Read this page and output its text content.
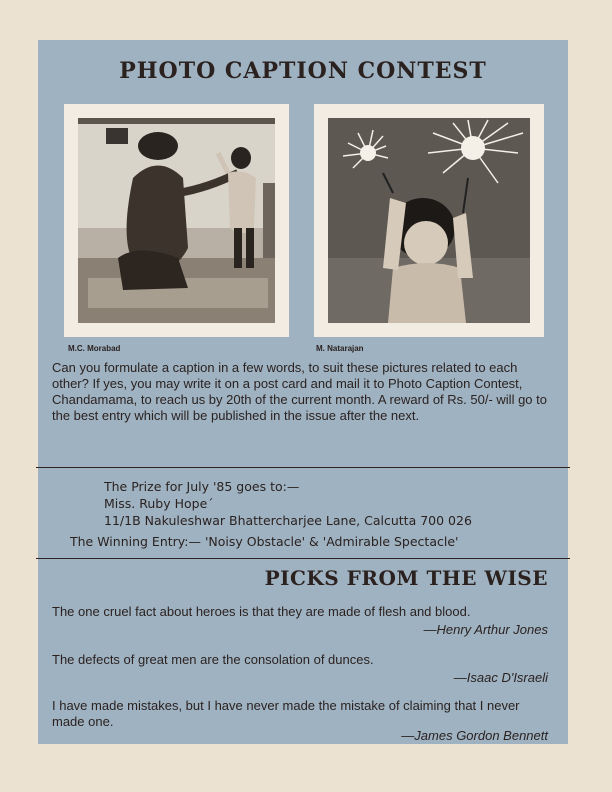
PHOTO CAPTION CONTEST
M.C. Morabad	M. Natarajan

Can you formulate a caption in a few words, to suit these pictures related to each other? If yes, you may write it on a post card and mail it to Photo Caption Contest, Chandamama, to reach us by 20th of the current month. A reward of Rs. 50/- will go to the best entry which will be published in the issue after the next.

The Prize for July '85 goes to:—
Miss. Ruby Hope´
11/1B Nakuleshwar Bhattercharjee Lane, Calcutta 700 026
The Winning Entry:— 'Noisy Obstacle' & 'Admirable Spectacle'
PICKS FROM THE WISE

The one cruel fact about heroes is that they are made of flesh and blood.

—Henry Arthur Jones

The defects of great men are the consolation of dunces.

—Isaac D'Israeli

I have made mistakes, but I have never made the mistake of claiming that I never made one.

—James Gordon Bennett
